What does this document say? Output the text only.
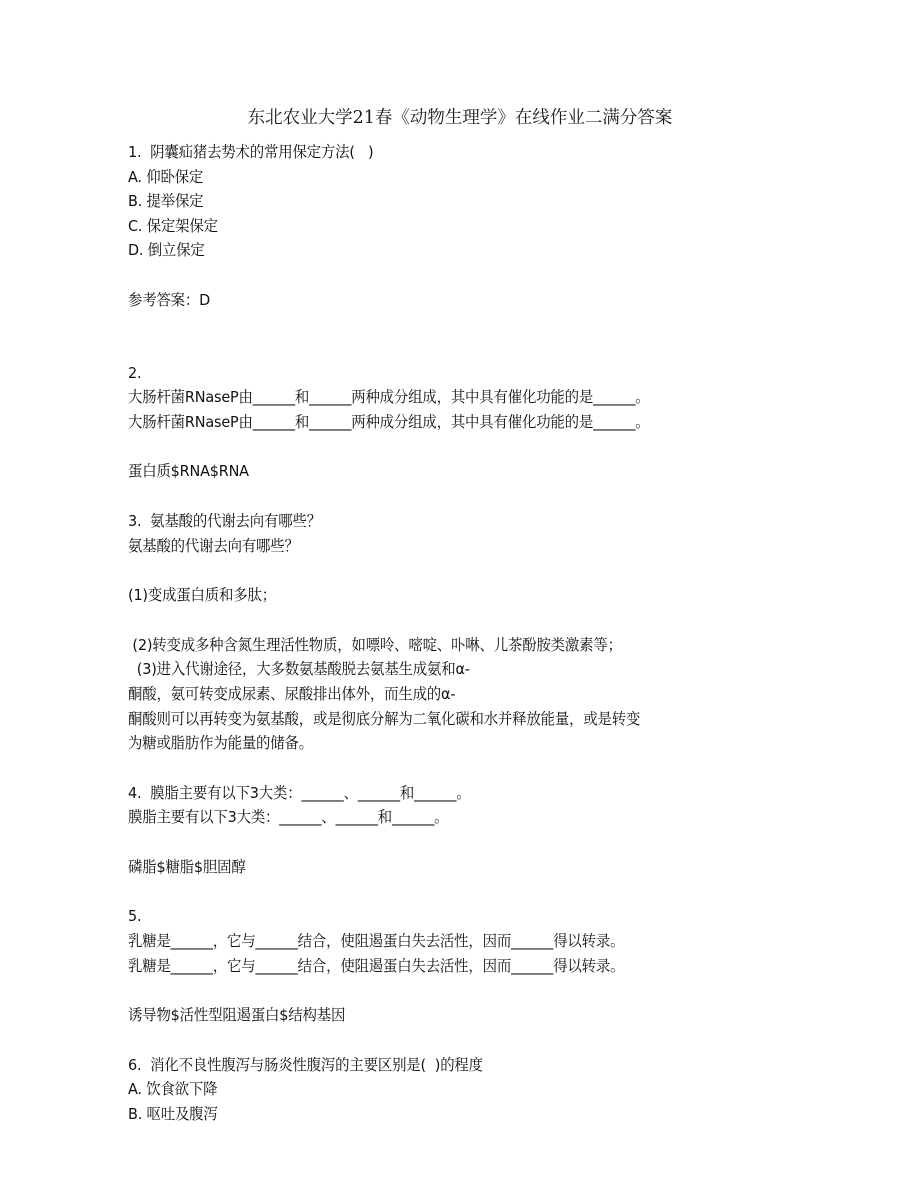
东北农业大学21春《动物生理学》在线作业二满分答案
1.  阴囊疝猪去势术的常用保定方法(   )
A. 仰卧保定
B. 提举保定
C. 保定架保定
D. 倒立保定
参考答案：D
2.
大肠杆菌RNaseP由______和______两种成分组成，其中具有催化功能的是______。
大肠杆菌RNaseP由______和______两种成分组成，其中具有催化功能的是______。
蛋白质$RNA$RNA
3.  氨基酸的代谢去向有哪些？
氨基酸的代谢去向有哪些？
(1)变成蛋白质和多肽；
(2)转变成多种含氮生理活性物质，如嘌呤、嘧啶、卟啉、儿茶酚胺类激素等；
(3)进入代谢途径，大多数氨基酸脱去氨基生成氨和α-
酮酸，氨可转变成尿素、尿酸排出体外，而生成的α-
酮酸则可以再转变为氨基酸，或是彻底分解为二氧化碳和水并释放能量，或是转变
为糖或脂肪作为能量的储备。
4.  膜脂主要有以下3大类：______、______和______。
膜脂主要有以下3大类：______、______和______。
磷脂$糖脂$胆固醇
5.
乳糖是______，它与______结合，使阻遏蛋白失去活性，因而______得以转录。
乳糖是______，它与______结合，使阻遏蛋白失去活性，因而______得以转录。
诱导物$活性型阻遏蛋白$结构基因
6.  消化不良性腹泻与肠炎性腹泻的主要区别是(  )的程度
A. 饮食欲下降
B. 呕吐及腹泻
